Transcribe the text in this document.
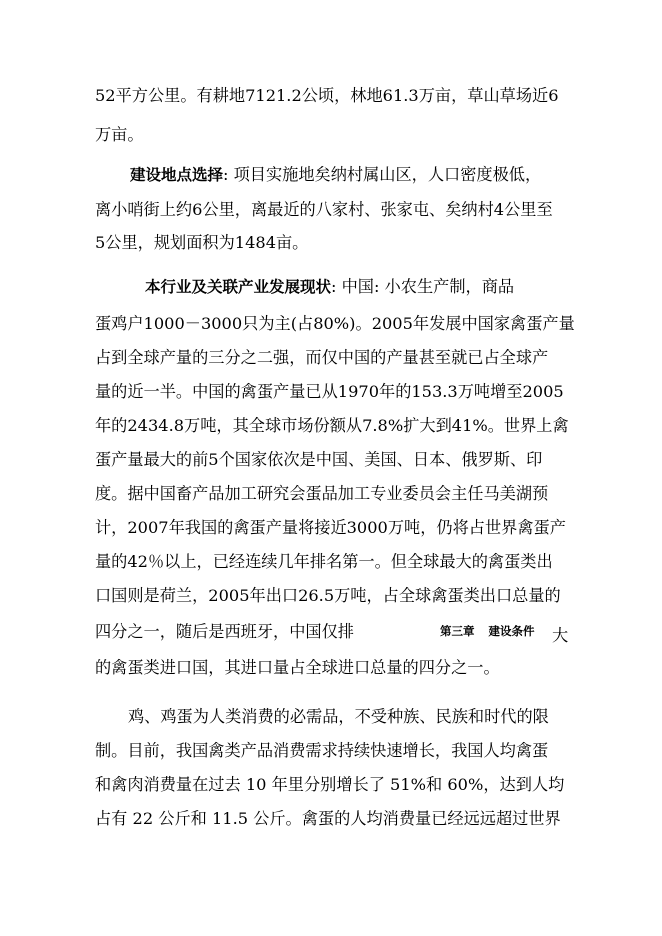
52平方公里。有耕地7121.2公顷，林地61.3万亩，草山草场近6
万亩。
建设地点选择: 项目实施地矣纳村属山区，人口密度极低，
离小哨街上约6公里，离最近的八家村、张家屯、矣纳村4公里至
5公里，规划面积为1484亩。
本行业及关联产业发展现状: 中国: 小农生产制，商品
蛋鸡户1000－3000只为主(占80%)。2005年发展中国家禽蛋产量
占到全球产量的三分之二强，而仅中国的产量甚至就已占全球产
量的近一半。中国的禽蛋产量已从1970年的153.3万吨增至2005
年的2434.8万吨，其全球市场份额从7.8%扩大到41%。世界上禽
蛋产量最大的前5个国家依次是中国、美国、日本、俄罗斯、印
度。据中国畜产品加工研究会蛋品加工专业委员会主任马美湖预
计，2007年我国的禽蛋产量将接近3000万吨，仍将占世界禽蛋产
量的42％以上，已经连续几年排名第一。但全球最大的禽蛋类出
口国则是荷兰，2005年出口26.5万吨，占全球禽蛋类出口总量的
四分之一，随后是西班牙，中国仅排	大
的禽蛋类进口国，其进口量占全球进口总量的四分之一。
第三章 建设条件
鸡、鸡蛋为人类消费的必需品，不受种族、民族和时代的限
制。目前，我国禽类产品消费需求持续快速增长，我国人均禽蛋
和禽肉消费量在过去 10 年里分别增长了 51%和 60%，达到人均
占有 22 公斤和 11.5 公斤。禽蛋的人均消费量已经远远超过世界
